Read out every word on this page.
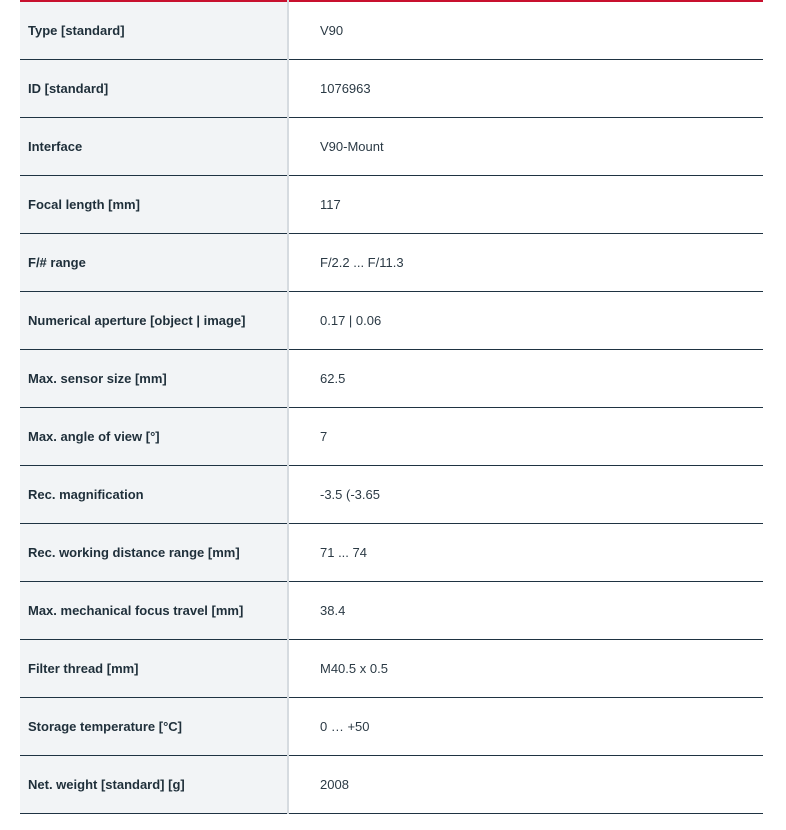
Type [standard]	V90
ID [standard]	1076963
Interface	V90-Mount
Focal length [mm]	117
F/# range	F/2.2 ... F/11.3
Numerical aperture [object | image]	0.17 | 0.06
Max. sensor size [mm]	62.5
Max. angle of view [°]	7
Rec. magnification	-3.5 (-3.65
Rec. working distance range [mm]	71 ... 74
Max. mechanical focus travel [mm]	38.4
Filter thread [mm]	M40.5 x 0.5
Storage temperature [°C]	0 … +50
Net. weight [standard] [g]	2008
